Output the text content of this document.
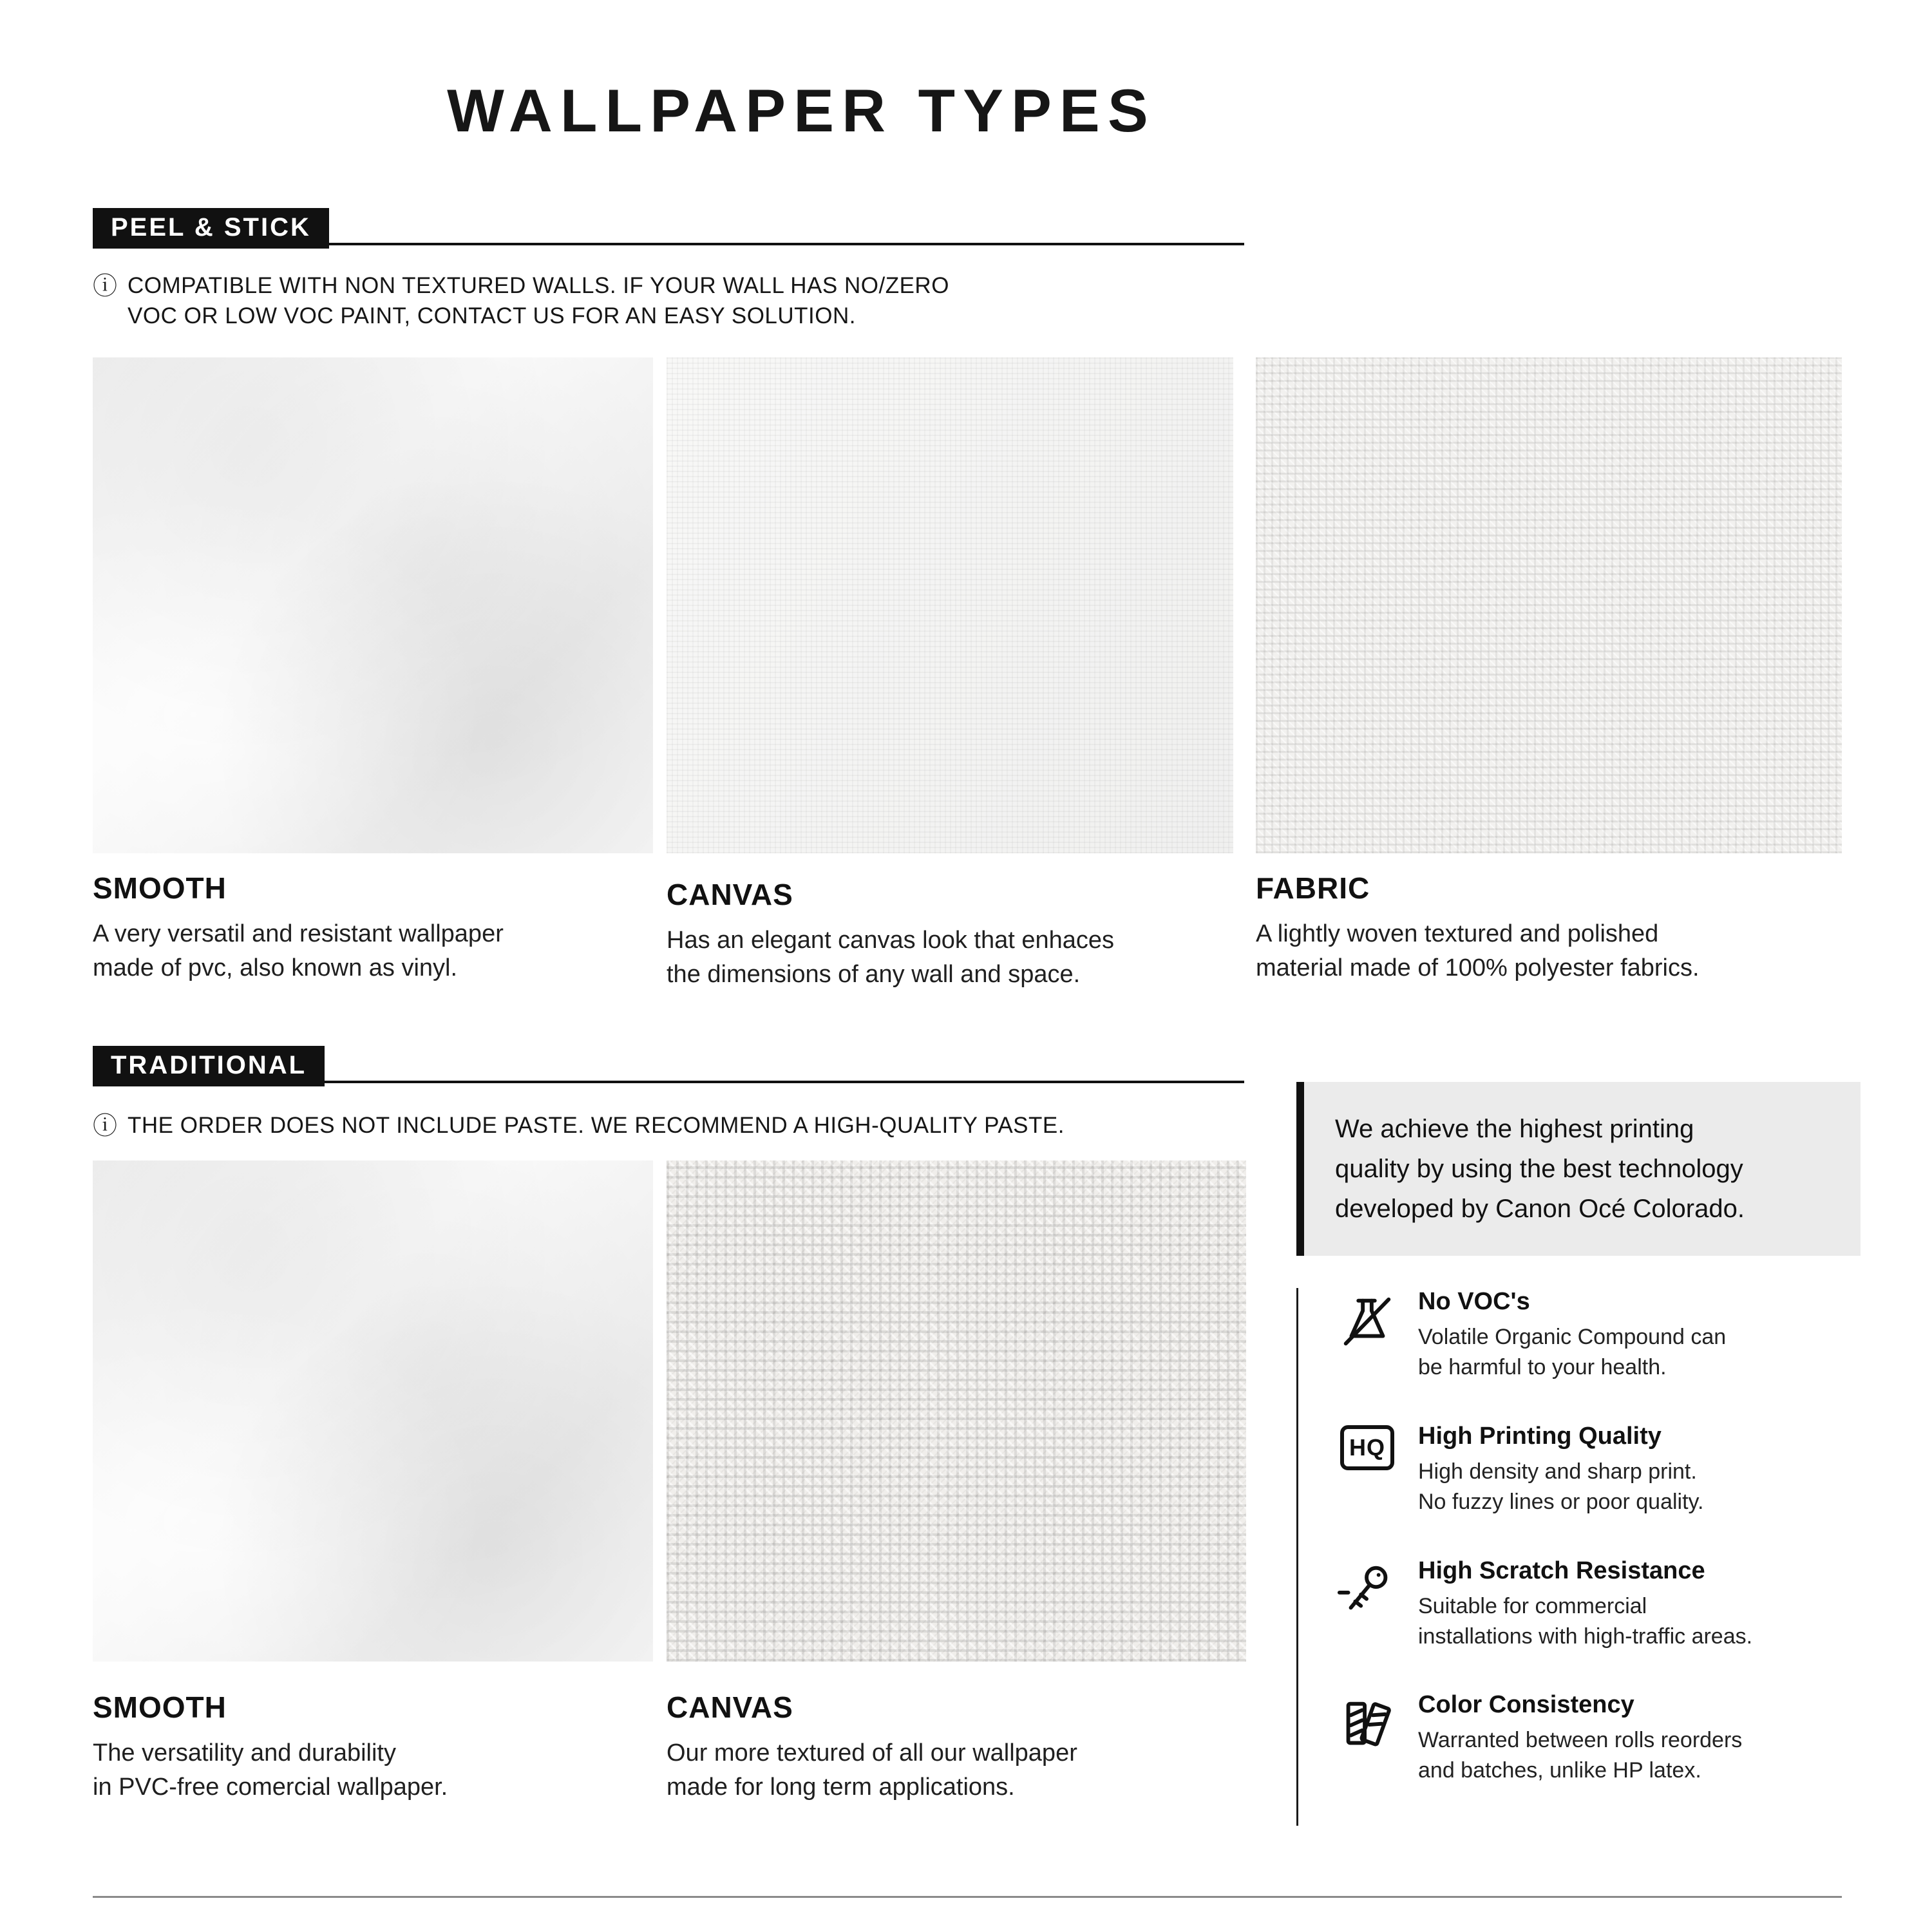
WALLPAPER TYPES
PEEL & STICK
ⓘ COMPATIBLE WITH NON TEXTURED WALLS. IF YOUR WALL HAS NO/ZERO
VOC OR LOW VOC PAINT, CONTACT US FOR AN EASY SOLUTION.
SMOOTH
A very versatil and resistant wallpaper
made of pvc, also known as vinyl.
CANVAS
Has an elegant canvas look that enhaces
the dimensions of any wall and space.
FABRIC
A lightly woven textured and polished
material made of 100% polyester fabrics.
TRADITIONAL
ⓘ THE ORDER DOES NOT INCLUDE PASTE. WE RECOMMEND A HIGH-QUALITY PASTE.
SMOOTH
The versatility and durability
in PVC-free comercial wallpaper.
CANVAS
Our more textured of all our wallpaper
made for long term applications.
We achieve the highest printing
quality by using the best technology
developed by Canon Océ Colorado.
No VOC's
Volatile Organic Compound can
be harmful to your health.
HQ	High Printing Quality
High density and sharp print.
No fuzzy lines or poor quality.
High Scratch Resistance
Suitable for commercial
installations with high-traffic areas.
Color Consistency
Warranted between rolls reorders
and batches, unlike HP latex.
